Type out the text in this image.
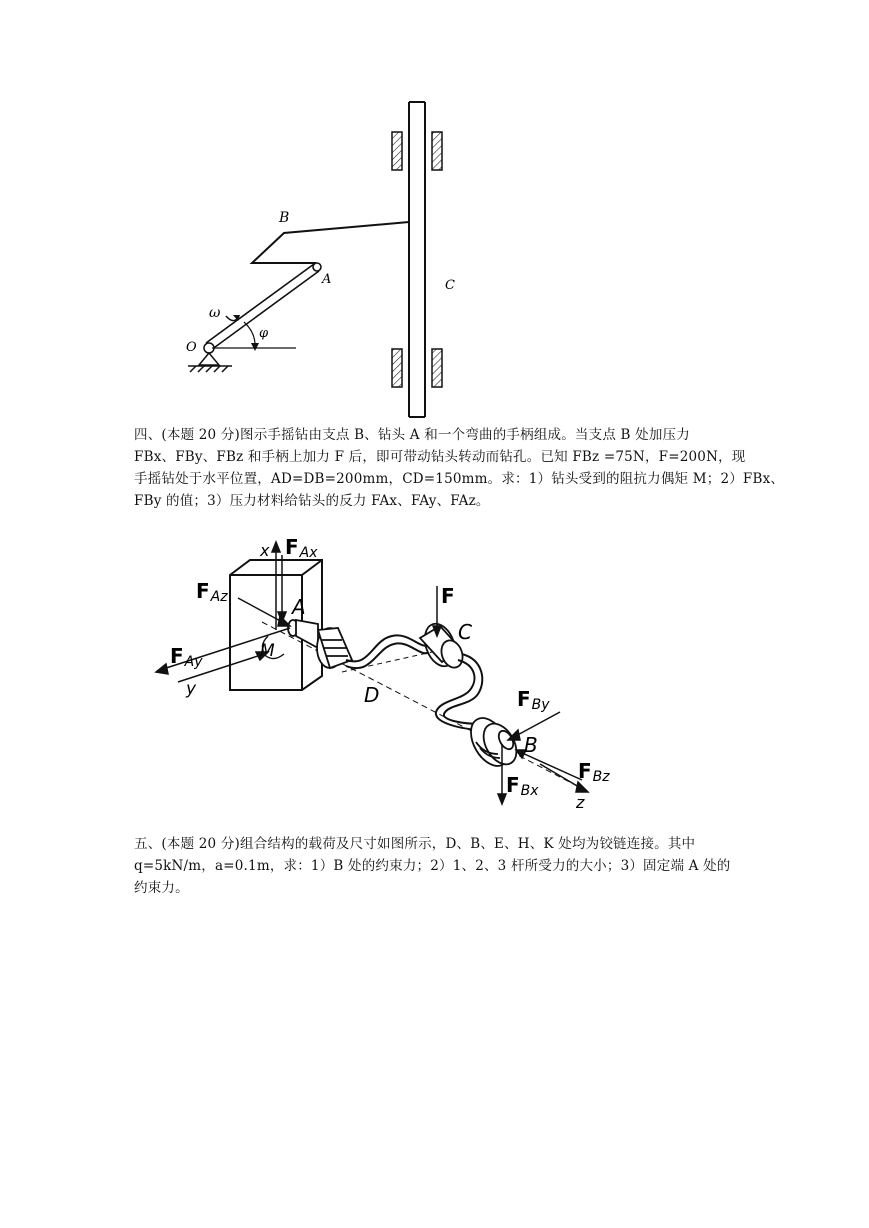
B
A	C
O
ω
φ

四、(本题 20 分)图示手摇钻由支点 B、钻头 A 和一个弯曲的手柄组成。当支点 B 处加压力

FBx、FBy、FBz 和手柄上加力 F 后，即可带动钻头转动而钻孔。已知 FBz =75N，F=200N，现

手摇钻处于水平位置，AD=DB=200mm，CD=150mm。求：1）钻头受到的阻抗力偶矩 M；2）FBx、

FBy 的值；3）压力材料给钻头的反力 FAx、FAy、FAz。

x FAx
FAz	A
M
FAy
y
F
C
D	FBy
B
FBz
FBx
z

五、(本题 20 分)组合结构的载荷及尺寸如图所示，D、B、E、H、K 处均为铰链连接。其中

q=5kN/m，a=0.1m，求：1）B 处的约束力；2）1、2、3 杆所受力的大小；3）固定端 A 处的

约束力。
